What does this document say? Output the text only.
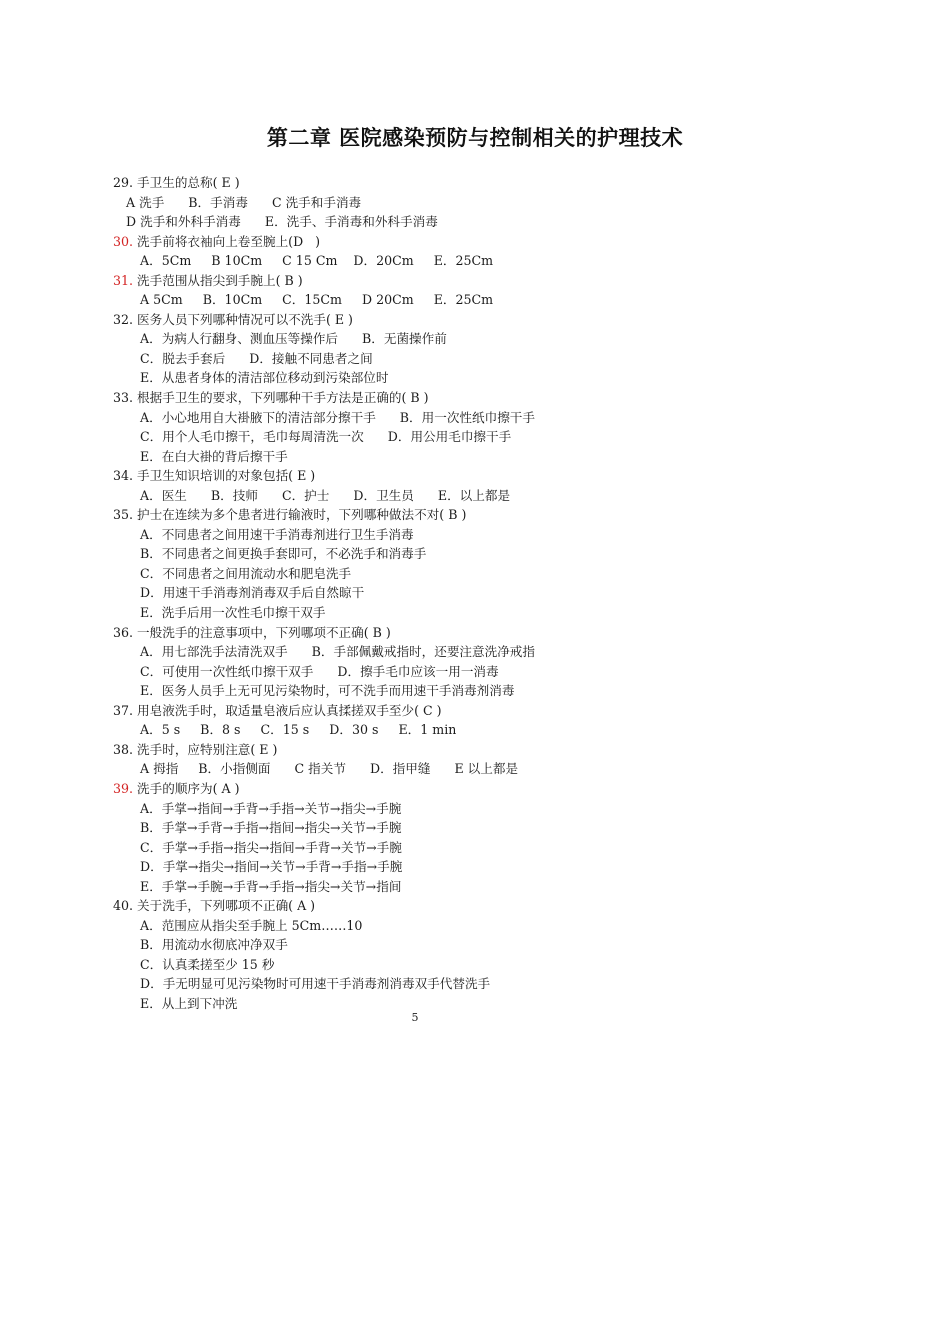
第二章 医院感染预防与控制相关的护理技术
29. 手卫生的总称( E )
A 洗手      B．手消毒      C 洗手和手消毒
D 洗手和外科手消毒      E．洗手、手消毒和外科手消毒
30. 洗手前将衣袖向上卷至腕上(D   )
A．5Cm     B 10Cm     C 15 Cm    D．20Cm     E．25Cm
31. 洗手范围从指尖到手腕上( B )
A 5Cm     B．10Cm     C．15Cm     D 20Cm     E．25Cm
32. 医务人员下列哪种情况可以不洗手( E )
A．为病人行翻身、测血压等操作后      B．无菌操作前
C．脱去手套后      D．接触不同患者之间
E．从患者身体的清洁部位移动到污染部位时
33. 根据手卫生的要求，下列哪种干手方法是正确的( B )
A．小心地用自大褂腋下的清洁部分擦干手      B．用一次性纸巾擦干手
C．用个人毛巾擦干，毛巾每周清洗一次      D．用公用毛巾擦干手
E．在白大褂的背后擦干手
34. 手卫生知识培训的对象包括( E )
A．医生      B．技师      C．护士      D．卫生员      E．以上都是
35. 护士在连续为多个患者进行输液时，下列哪种做法不对( B )
A．不同患者之间用速干手消毒剂进行卫生手消毒
B．不同患者之间更换手套即可，不必洗手和消毒手
C．不同患者之间用流动水和肥皂洗手
D．用速干手消毒剂消毒双手后自然晾干
E．洗手后用一次性毛巾擦干双手
36. 一般洗手的注意事项中，下列哪项不正确( B )
A．用七部洗手法清洗双手      B．手部佩戴戒指时，还要注意洗净戒指
C．可使用一次性纸巾擦干双手      D．擦手毛巾应该一用一消毒
E．医务人员手上无可见污染物时，可不洗手而用速干手消毒剂消毒
37. 用皂液洗手时，取适量皂液后应认真揉搓双手至少( C )
A．5 s     B．8 s     C．15 s     D．30 s     E．1 min
38. 洗手时，应特别注意( E )
A 拇指     B．小指侧面      C 指关节      D．指甲缝      E 以上都是
39. 洗手的顺序为( A )
A．手掌→指间→手背→手指→关节→指尖→手腕
B．手掌→手背→手指→指间→指尖→关节→手腕
C．手掌→手指→指尖→指间→手背→关节→手腕
D．手掌→指尖→指间→关节→手背→手指→手腕
E．手掌→手腕→手背→手指→指尖→关节→指间
40. 关于洗手，下列哪项不正确( A )
A．范围应从指尖至手腕上 5Cm……10
B．用流动水彻底冲净双手
C．认真柔搓至少 15 秒
D．手无明显可见污染物时可用速干手消毒剂消毒双手代替洗手
E．从上到下冲洗
5
